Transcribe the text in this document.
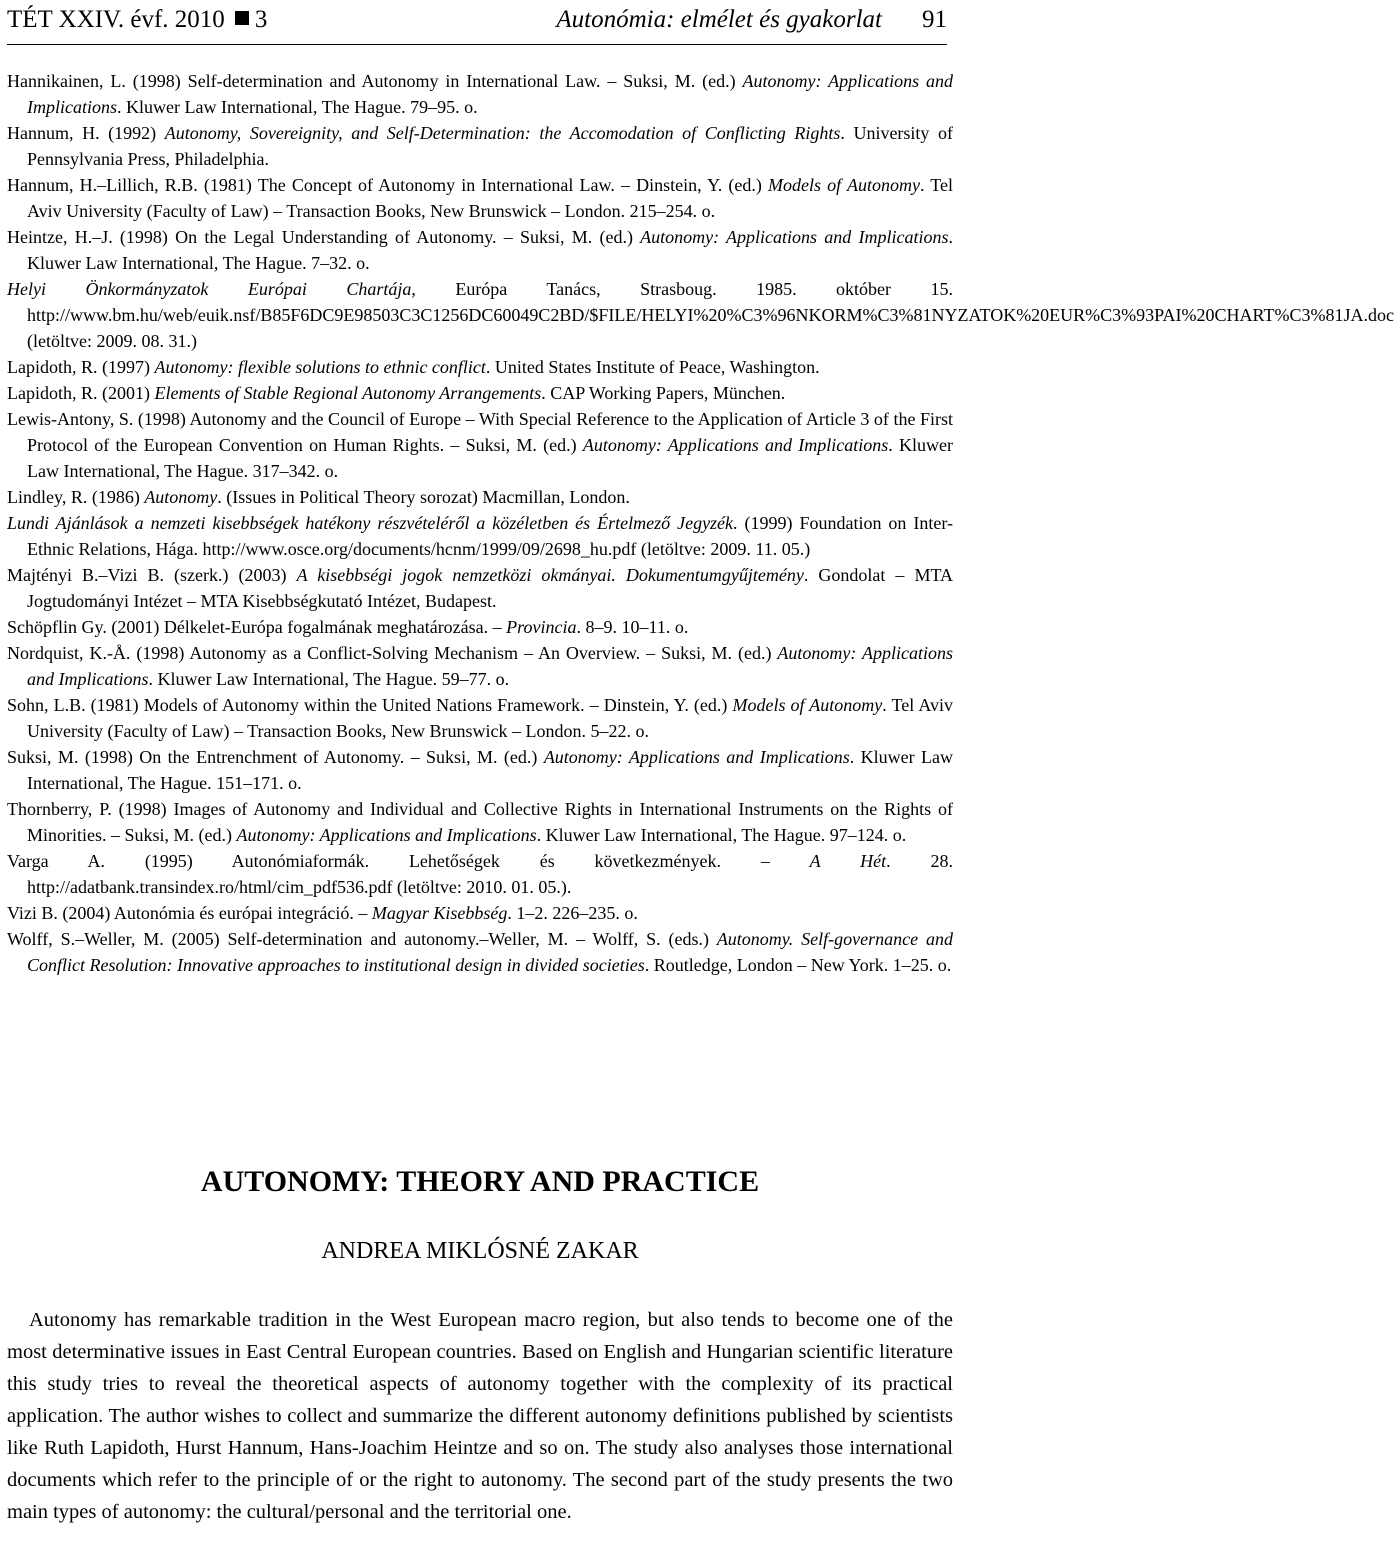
TÉT XXIV. évf. 2010 3	Autonómia: elmélet és gyakorlat 91
Hannikainen, L. (1998) Self-determination and Autonomy in International Law. – Suksi, M. (ed.) Autonomy: Applications and Implications. Kluwer Law International, The Hague. 79–95. o.
Hannum, H. (1992) Autonomy, Sovereignity, and Self-Determination: the Accomodation of Conflicting Rights. University of Pennsylvania Press, Philadelphia.
Hannum, H.–Lillich, R.B. (1981) The Concept of Autonomy in International Law. – Dinstein, Y. (ed.) Models of Autonomy. Tel Aviv University (Faculty of Law) – Transaction Books, New Brunswick – London. 215–254. o.
Heintze, H.–J. (1998) On the Legal Understanding of Autonomy. – Suksi, M. (ed.) Autonomy: Applications and Implications. Kluwer Law International, The Hague. 7–32. o.
Helyi Önkormányzatok Európai Chartája, Európa Tanács, Strasboug. 1985. október 15. http://www.bm.hu/web/euik.nsf/B85F6DC9E98503C3C1256DC60049C2BD/$FILE/HELYI%20%C3%96NKORM%C3%81NYZATOK%20EUR%C3%93PAI%20CHART%C3%81JA.doc (letöltve: 2009. 08. 31.)
Lapidoth, R. (1997) Autonomy: flexible solutions to ethnic conflict. United States Institute of Peace, Washington.
Lapidoth, R. (2001) Elements of Stable Regional Autonomy Arrangements. CAP Working Papers, München.
Lewis-Antony, S. (1998) Autonomy and the Council of Europe – With Special Reference to the Application of Article 3 of the First Protocol of the European Convention on Human Rights. – Suksi, M. (ed.) Autonomy: Applications and Implications. Kluwer Law International, The Hague. 317–342. o.
Lindley, R. (1986) Autonomy. (Issues in Political Theory sorozat) Macmillan, London.
Lundi Ajánlások a nemzeti kisebbségek hatékony részvételéről a közéletben és Értelmező Jegyzék. (1999) Foundation on Inter-Ethnic Relations, Hága. http://www.osce.org/documents/hcnm/1999/09/2698_hu.pdf (letöltve: 2009. 11. 05.)
Majtényi B.–Vizi B. (szerk.) (2003) A kisebbségi jogok nemzetközi okmányai. Dokumentumgyűjtemény. Gondolat – MTA Jogtudományi Intézet – MTA Kisebbségkutató Intézet, Budapest.
Schöpflin Gy. (2001) Délkelet-Európa fogalmának meghatározása. – Provincia. 8–9. 10–11. o.
Nordquist, K.-Å. (1998) Autonomy as a Conflict-Solving Mechanism – An Overview. – Suksi, M. (ed.) Autonomy: Applications and Implications. Kluwer Law International, The Hague. 59–77. o.
Sohn, L.B. (1981) Models of Autonomy within the United Nations Framework. – Dinstein, Y. (ed.) Models of Autonomy. Tel Aviv University (Faculty of Law) – Transaction Books, New Brunswick – London. 5–22. o.
Suksi, M. (1998) On the Entrenchment of Autonomy. – Suksi, M. (ed.) Autonomy: Applications and Implications. Kluwer Law International, The Hague. 151–171. o.
Thornberry, P. (1998) Images of Autonomy and Individual and Collective Rights in International Instruments on the Rights of Minorities. – Suksi, M. (ed.) Autonomy: Applications and Implications. Kluwer Law International, The Hague. 97–124. o.
Varga A. (1995) Autonómiaformák. Lehetőségek és következmények. – A Hét. 28. http://adatbank.transindex.ro/html/cim_pdf536.pdf (letöltve: 2010. 01. 05.).
Vizi B. (2004) Autonómia és európai integráció. – Magyar Kisebbség. 1–2. 226–235. o.
Wolff, S.–Weller, M. (2005) Self-determination and autonomy.–Weller, M. – Wolff, S. (eds.) Autonomy. Self-governance and Conflict Resolution: Innovative approaches to institutional design in divided societies. Routledge, London – New York. 1–25. o.
AUTONOMY: THEORY AND PRACTICE
ANDREA MIKLÓSNÉ ZAKAR
Autonomy has remarkable tradition in the West European macro region, but also tends to become one of the most determinative issues in East Central European countries. Based on English and Hungarian scientific literature this study tries to reveal the theoretical aspects of autonomy together with the complexity of its practical application. The author wishes to collect and summarize the different autonomy definitions published by scientists like Ruth Lapidoth, Hurst Hannum, Hans-Joachim Heintze and so on. The study also analyses those international documents which refer to the principle of or the right to autonomy. The second part of the study presents the two main types of autonomy: the cultural/personal and the territorial one.
